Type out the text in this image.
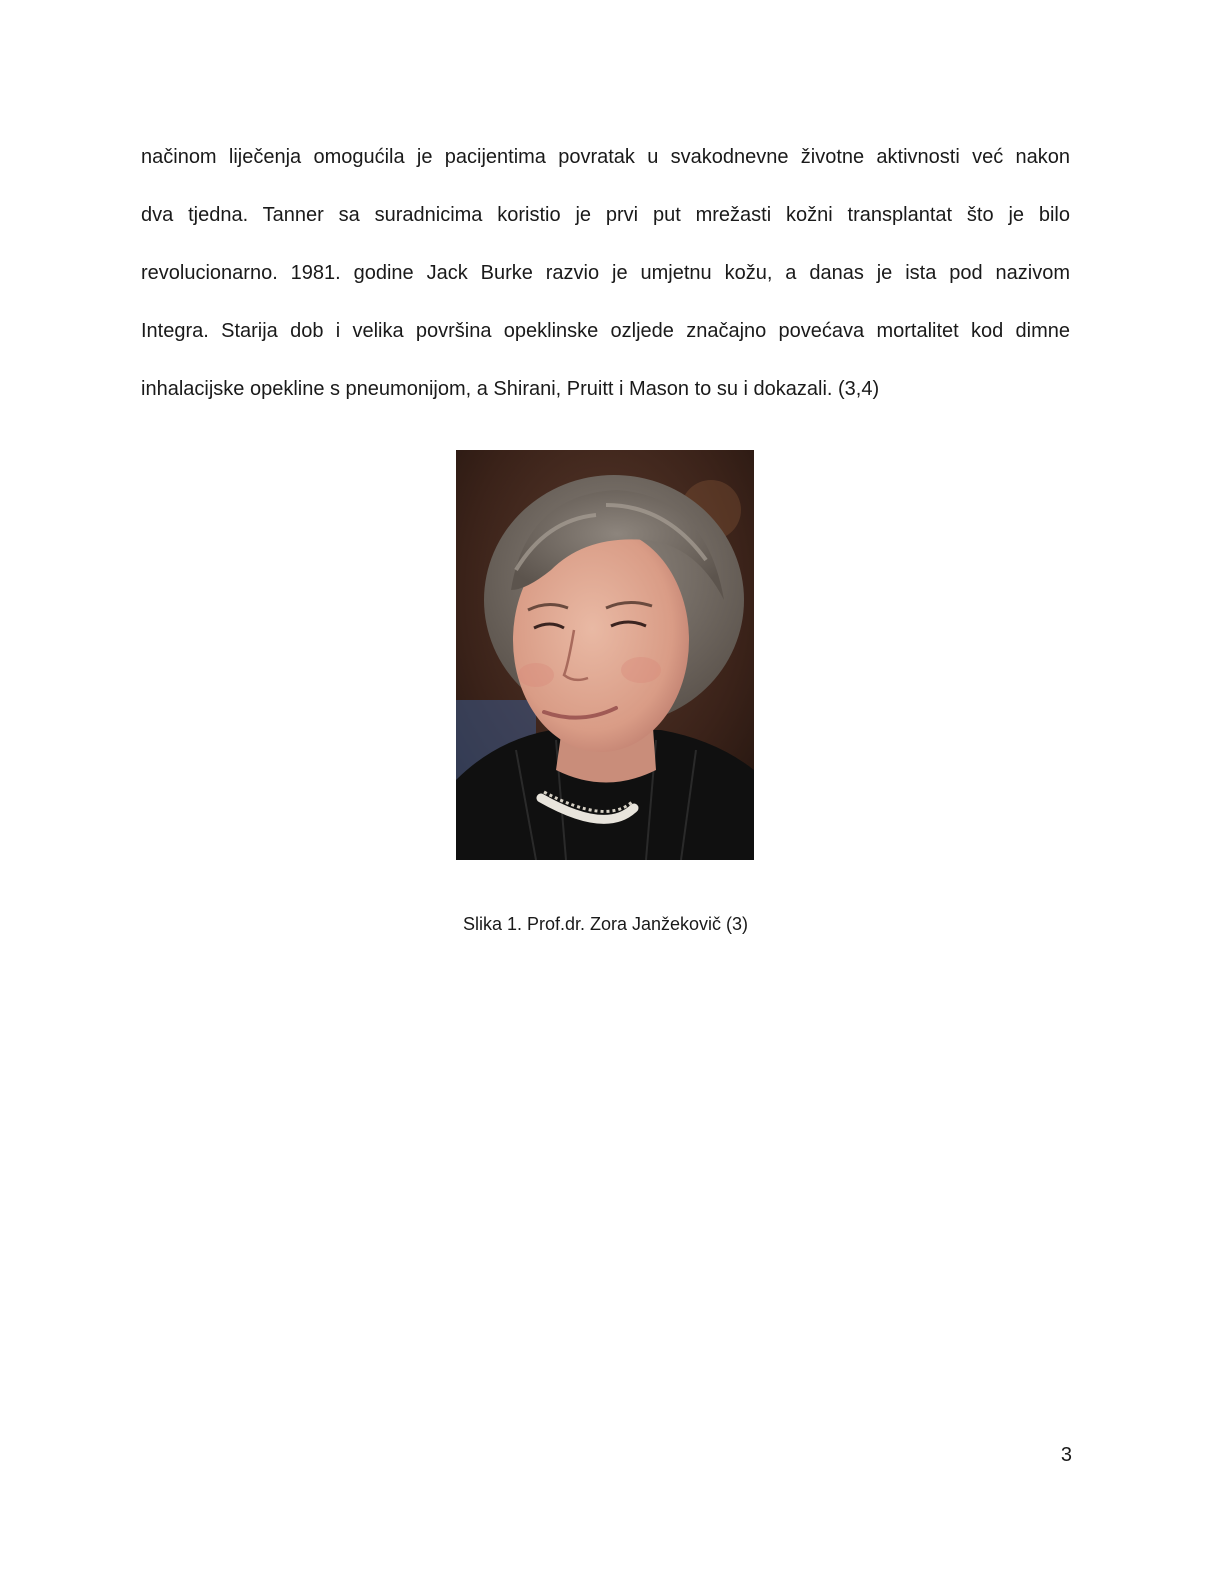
načinom liječenja omogućila je pacijentima povratak u svakodnevne životne aktivnosti već nakon
dva tjedna. Tanner sa suradnicima koristio je prvi put mrežasti kožni transplantat što je bilo
revolucionarno. 1981. godine Jack Burke razvio je umjetnu kožu, a danas je ista pod nazivom
Integra. Starija dob i velika površina opeklinske ozljede značajno povećava mortalitet kod dimne
inhalacijske opekline s pneumonijom, a Shirani, Pruitt i Mason to su i dokazali. (3,4)

Slika 1. Prof.dr. Zora Janžekovič (3)

3
